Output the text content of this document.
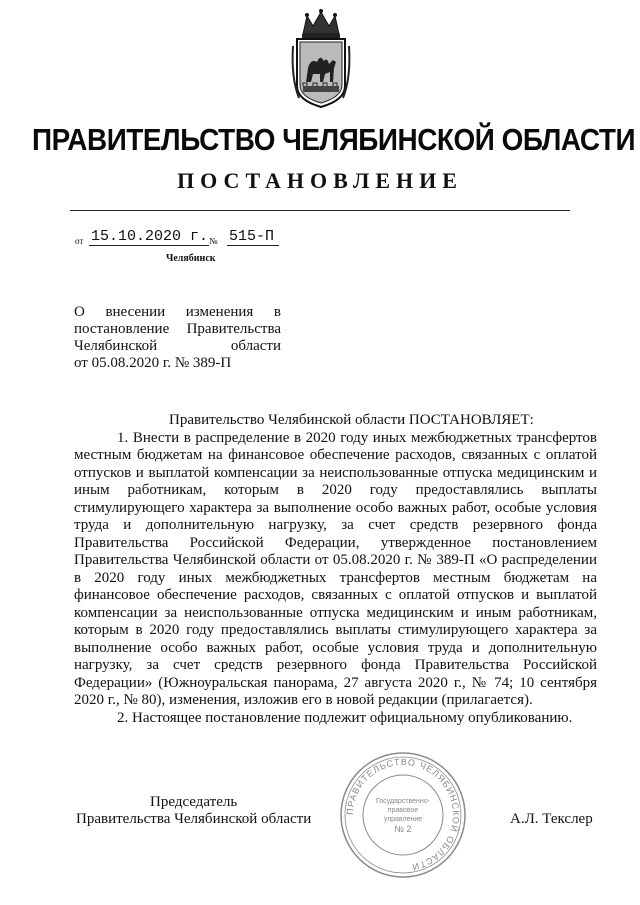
ПРАВИТЕЛЬСТВО ЧЕЛЯБИНСКОЙ ОБЛАСТИ
ПОСТАНОВЛЕНИЕ
от 15.10.2020 г. № 515-П
Челябинск
О внесении изменения в
постановление Правительства
Челябинской области
от 05.08.2020 г. № 389-П

Правительство Челябинской области ПОСТАНОВЛЯЕТ:

1. Внести в распределение в 2020 году иных межбюджетных трансфертов местным бюджетам на финансовое обеспечение расходов, связанных с оплатой отпусков и выплатой компенсации за неиспользованные отпуска медицинским и иным работникам, которым в 2020 году предоставлялись выплаты стимулирующего характера за выполнение особо важных работ, особые условия труда и дополнительную нагрузку, за счет средств резервного фонда Правительства Российской Федерации, утвержденное постановлением Правительства Челябинской области от 05.08.2020 г. № 389-П «О распределении в 2020 году иных межбюджетных трансфертов местным бюджетам на финансовое обеспечение расходов, связанных с оплатой отпусков и выплатой компенсации за неиспользованные отпуска медицинским и иным работникам, которым в 2020 году предоставлялись выплаты стимулирующего характера за выполнение особо важных работ, особые условия труда и дополнительную нагрузку, за счет средств резервного фонда Правительства Российской Федерации» (Южноуральская панорама, 27 августа 2020 г., № 74; 10 сентября 2020 г., № 80), изменения, изложив его в новой редакции (прилагается).

2. Настоящее постановление подлежит официальному опубликованию.

Председатель
Правительства Челябинской области	А.Л. Текслер
ПРАВИТЕЛЬСТВО ЧЕЛЯБИНСКОЙ ОБЛАСТИ
Государственно-
правовое
управление
№ 2
